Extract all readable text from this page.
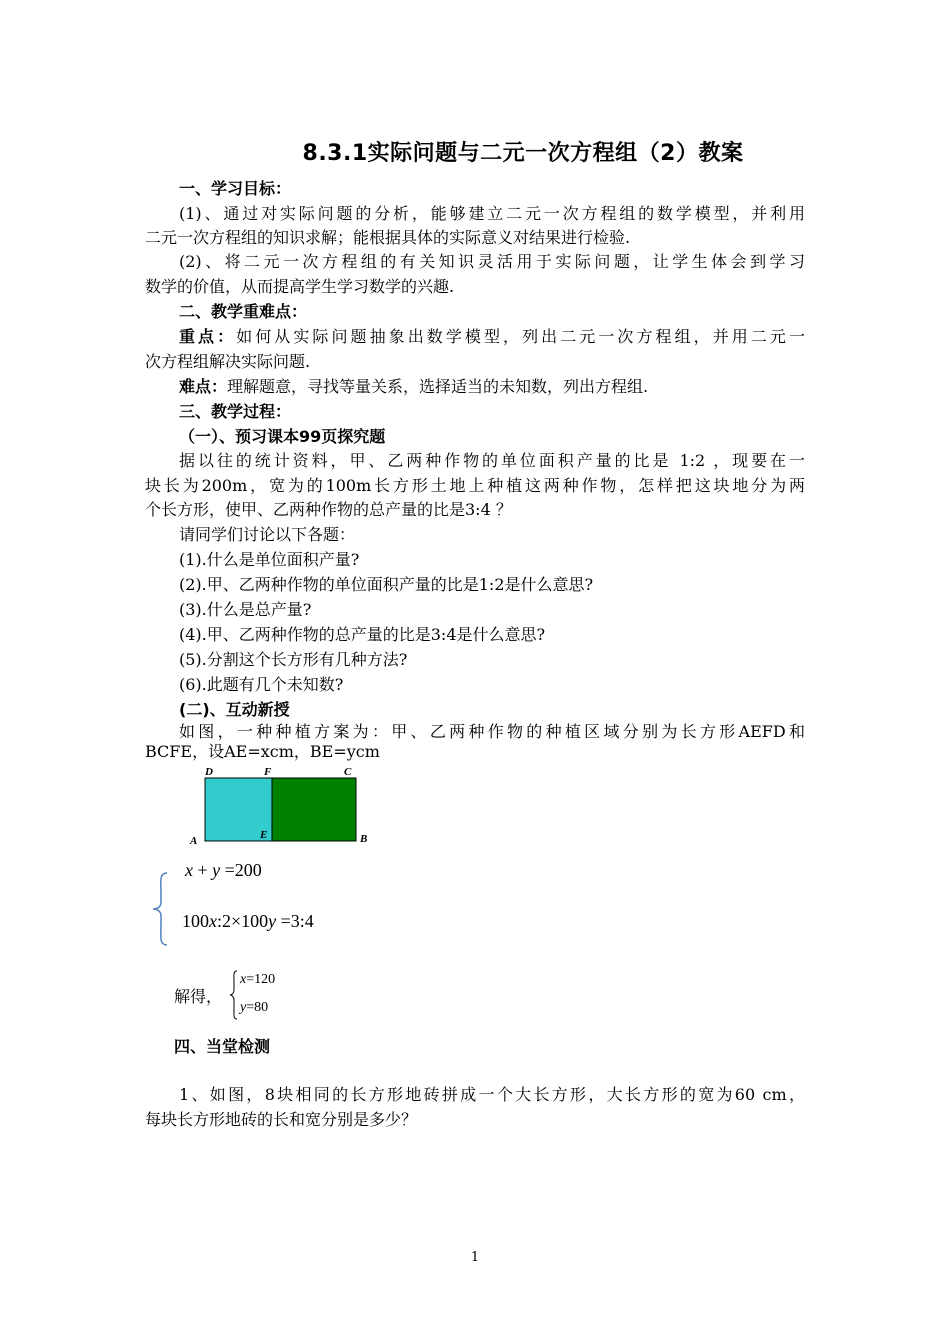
8.3.1实际问题与二元一次方程组（2）教案
一、学习目标：
(1)、通过对实际问题的分析，能够建立二元一次方程组的数学模型，并利用
二元一次方程组的知识求解；能根据具体的实际意义对结果进行检验.
(2)、将二元一次方程组的有关知识灵活用于实际问题，让学生体会到学习
数学的价值，从而提高学生学习数学的兴趣.
二、教学重难点：
重点：如何从实际问题抽象出数学模型，列出二元一次方程组，并用二元一
次方程组解决实际问题.
难点：理解题意，寻找等量关系，选择适当的未知数，列出方程组.
三、教学过程：
（一）、预习课本99页探究题
据以往的统计资料，甲、乙两种作物的单位面积产量的比是 1:2 ，现要在一
块长为200m，宽为的100m长方形土地上种植这两种作物，怎样把这块地分为两
个长方形，使甲、乙两种作物的总产量的比是3:4 ？
请同学们讨论以下各题：
(1).什么是单位面积产量?
(2).甲、乙两种作物的单位面积产量的比是1:2是什么意思?
(3).什么是总产量?
(4).甲、乙两种作物的总产量的比是3:4是什么意思?
(5).分割这个长方形有几种方法?
(6).此题有几个未知数?
(二)、互动新授
如图，一种种植方案为：甲、乙两种作物的种植区域分别为长方形AEFD和
BCFE，设AE=xcm，BE=ycm
D	F	C
A	E	B
x + y =200
100x:2×100y =3:4
解得，
x=120
y=80
四、当堂检测
1、如图，8块相同的长方形地砖拼成一个大长方形，大长方形的宽为60 cm，
每块长方形地砖的长和宽分别是多少？
1
